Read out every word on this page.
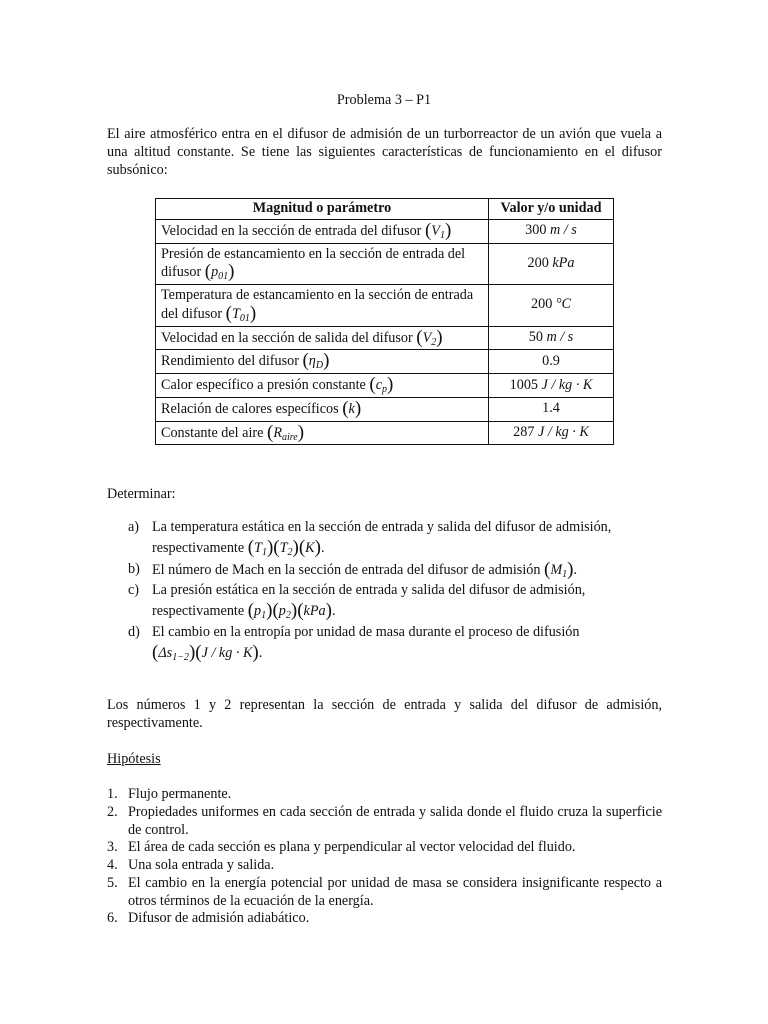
Problema 3 – P1
El aire atmosférico entra en el difusor de admisión de un turborreactor de un avión que vuela a una altitud constante. Se tiene las siguientes características de funcionamiento en el difusor subsónico:
Magnitud o parámetro	Valor y/o unidad
Velocidad en la sección de entrada del difusor $(V_1)$	300 m / s
Presión de estancamiento en la sección de entrada del difusor $(p_{01})$	200 kPa
Temperatura de estancamiento en la sección de entrada del difusor $(T_{01})$	200 °C
Velocidad en la sección de salida del difusor $(V_2)$	50 m / s
Rendimiento del difusor $(\eta_D)$	0.9
Calor específico a presión constante $(c_p)$	1005 J / kg · K
Relación de calores específicos (k)	1.4
Constante del aire $(R_{aire})$	287 J / kg · K
Determinar:
a) La temperatura estática en la sección de entrada y salida del difusor de admisión,
respectivamente $(T_1)(T_2)(K)$.
b) El número de Mach en la sección de entrada del difusor de admisión $(M_1)$.
c) La presión estática en la sección de entrada y salida del difusor de admisión,
respectivamente $(p_1)(p_2)(kPa)$.
d) El cambio en la entropía por unidad de masa durante el proceso de difusión
$(\Delta s_{1-2})(J$ / kg · K).
Los números 1 y 2 representan la sección de entrada y salida del difusor de admisión, respectivamente.
Hipótesis
1. Flujo permanente.
2. Propiedades uniformes en cada sección de entrada y salida donde el fluido cruza la superficie de control.
3. El área de cada sección es plana y perpendicular al vector velocidad del fluido.
4. Una sola entrada y salida.
5. El cambio en la energía potencial por unidad de masa se considera insignificante respecto a otros términos de la ecuación de la energía.
6. Difusor de admisión adiabático.
